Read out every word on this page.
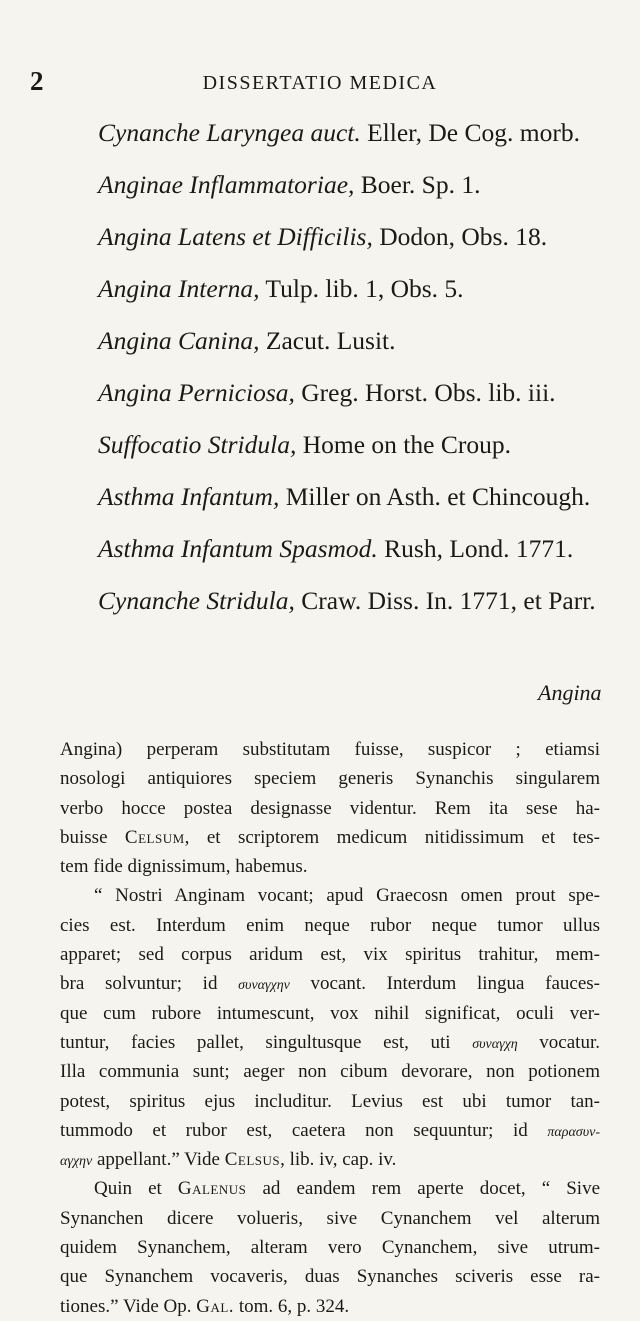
2	DISSERTATIO MEDICA
Cynanche Laryngea auct. Eller, De Cog. morb.
Anginae Inflammatoriae, Boer. Sp. 1.
Angina Latens et Difficilis, Dodon, Obs. 18.
Angina Interna, Tulp. lib. 1, Obs. 5.
Angina Canina, Zacut. Lusit.
Angina Perniciosa, Greg. Horst. Obs. lib. iii.
Suffocatio Stridula, Home on the Croup.
Asthma Infantum, Miller on Asth. et Chincough.
Asthma Infantum Spasmod. Rush, Lond. 1771.
Cynanche Stridula, Craw. Diss. In. 1771, et Parr.
Angina
Angina) perperam substitutam fuisse, suspicor ; etiamsi
nosologi antiquiores speciem generis Synanchis singularem
verbo hocce postea designasse videntur. Rem ita sese ha-
buisse Celsum, et scriptorem medicum nitidissimum et tes-
tem fide dignissimum, habemus.
“ Nostri Anginam vocant; apud Graecosn omen prout spe-
cies est. Interdum enim neque rubor neque tumor ullus
apparet; sed corpus aridum est, vix spiritus trahitur, mem-
bra solvuntur; id συναγχην vocant. Interdum lingua fauces-
que cum rubore intumescunt, vox nihil significat, oculi ver-
tuntur, facies pallet, singultusque est, uti συναγχη vocatur.
Illa communia sunt; aeger non cibum devorare, non potionem
potest, spiritus ejus includitur. Levius est ubi tumor tan-
tummodo et rubor est, caetera non sequuntur; id παρασυν-
αγχην appellant.” Vide Celsus, lib. iv, cap. iv.
Quin et Galenus ad eandem rem aperte docet, “ Sive
Synanchen dicere volueris, sive Cynanchem vel alterum
quidem Synanchem, alteram vero Cynanchem, sive utrum-
que Synanchem vocaveris, duas Synanches sciveris esse ra-
tiones.” Vide Op. Gal. tom. 6, p. 324.
